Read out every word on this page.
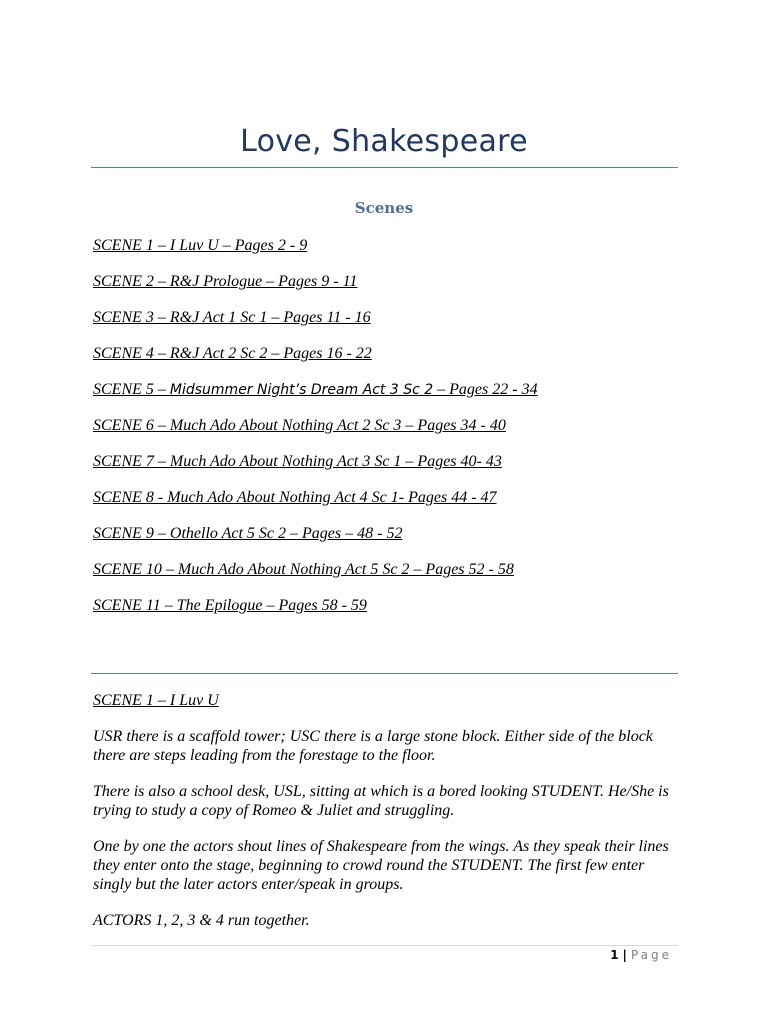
Love, Shakespeare
Scenes
SCENE 1 – I Luv U – Pages 2 - 9
SCENE 2 – R&J Prologue – Pages 9 - 11
SCENE 3 – R&J Act 1 Sc 1 – Pages 11 - 16
SCENE 4 – R&J Act 2 Sc 2 – Pages 16 - 22
SCENE 5 – Midsummer Night’s Dream Act 3 Sc 2 – Pages 22 - 34
SCENE 6 – Much Ado About Nothing Act 2 Sc 3 – Pages 34 - 40
SCENE 7 – Much Ado About Nothing Act 3 Sc 1 – Pages 40- 43
SCENE 8 - Much Ado About Nothing Act 4 Sc 1- Pages 44 - 47
SCENE 9 – Othello Act 5 Sc 2 – Pages – 48 - 52
SCENE 10 – Much Ado About Nothing Act 5 Sc 2 – Pages 52 - 58
SCENE 11 – The Epilogue – Pages 58 - 59

SCENE 1 – I Luv U

USR there is a scaffold tower; USC there is a large stone block. Either side of the block there are steps leading from the forestage to the floor.

There is also a school desk, USL, sitting at which is a bored looking STUDENT. He/She is trying to study a copy of Romeo & Juliet and struggling.

One by one the actors shout lines of Shakespeare from the wings. As they speak their lines they enter onto the stage, beginning to crowd round the STUDENT. The first few enter singly but the later actors enter/speak in groups.

ACTORS 1, 2, 3 & 4 run together.

1 | Page
